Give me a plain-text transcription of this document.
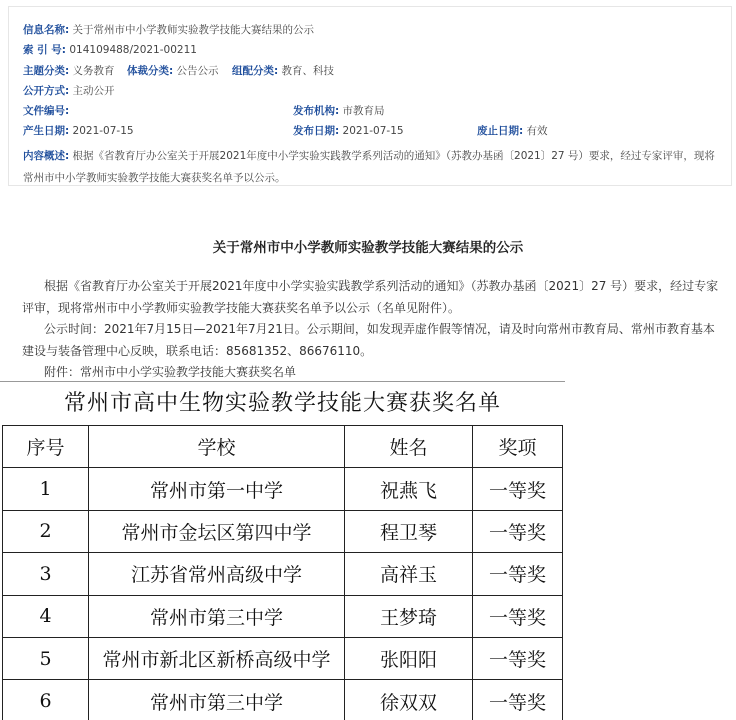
信息名称: 关于常州市中小学教师实验教学技能大赛结果的公示
索 引 号: 014109488/2021-00211
主题分类: 义务教育 体裁分类: 公告公示 组配分类: 教育、科技
公开方式: 主动公开
文件编号:	发布机构: 市教育局
产生日期: 2021-07-15	发布日期: 2021-07-15	废止日期: 有效
内容概述: 根据《省教育厅办公室关于开展2021年度中小学实验实践教学系列活动的通知》（苏教办基函〔2021〕27 号）要求，经过专家评审，现将常州市中小学教师实验教学技能大赛获奖名单予以公示。
关于常州市中小学教师实验教学技能大赛结果的公示

根据《省教育厅办公室关于开展2021年度中小学实验实践教学系列活动的通知》（苏教办基函〔2021〕27 号）要求，经过专家评审，现将常州市中小学教师实验教学技能大赛获奖名单予以公示（名单见附件）。

公示时间：2021年7月15日—2021年7月21日。公示期间，如发现弄虚作假等情况，请及时向常州市教育局、常州市教育基本建设与装备管理中心反映，联系电话：85681352、86676110。

附件：常州市中小学实验教学技能大赛获奖名单

常州市高中生物实验教学技能大赛获奖名单
序号	学校	姓名	奖项
1	常州市第一中学	祝燕飞	一等奖
2	常州市金坛区第四中学	程卫琴	一等奖
3	江苏省常州高级中学	高祥玉	一等奖
4	常州市第三中学	王梦琦	一等奖
5	常州市新北区新桥高级中学	张阳阳	一等奖
6	常州市第三中学	徐双双	一等奖
